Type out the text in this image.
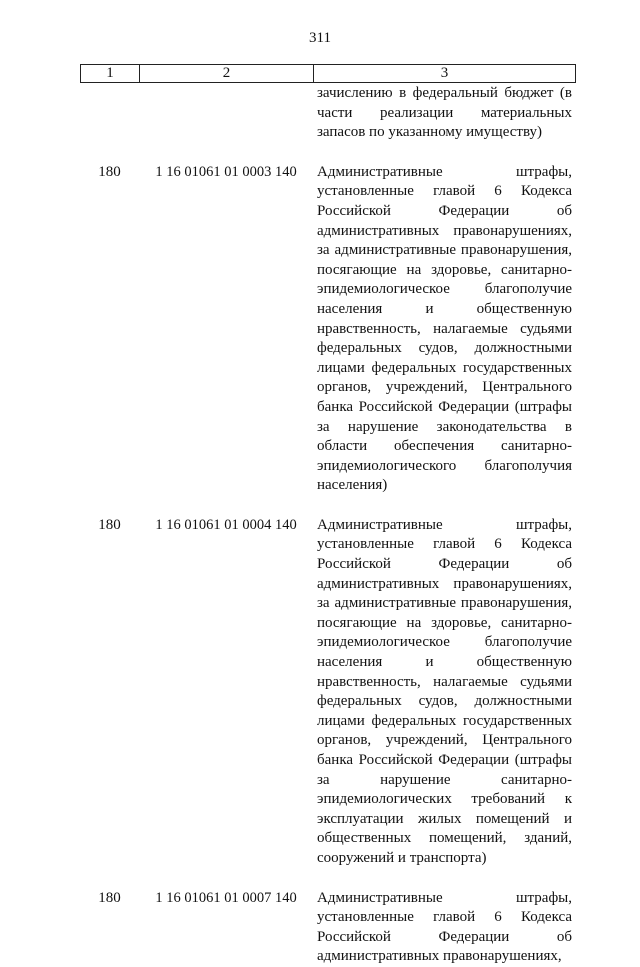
311
1	2	3
зачислению в федеральный бюджет (в части реализации материальных запасов по указанному имуществу)
180	1 16 01061 01 0003 140	Административные штрафы, установленные главой 6 Кодекса Российской Федерации об административных правонарушениях, за административные правонарушения, посягающие на здоровье, санитарно-эпидемиологическое благополучие населения и общественную нравственность, налагаемые судьями федеральных судов, должностными лицами федеральных государственных органов, учреждений, Центрального банка Российской Федерации (штрафы за нарушение законодательства в области обеспечения санитарно-эпидемиологического благополучия населения)
180	1 16 01061 01 0004 140	Административные штрафы, установленные главой 6 Кодекса Российской Федерации об административных правонарушениях, за административные правонарушения, посягающие на здоровье, санитарно-эпидемиологическое благополучие населения и общественную нравственность, налагаемые судьями федеральных судов, должностными лицами федеральных государственных органов, учреждений, Центрального банка Российской Федерации (штрафы за нарушение санитарно-эпидемиологических требований к эксплуатации жилых помещений и общественных помещений, зданий, сооружений и транспорта)
180	1 16 01061 01 0007 140	Административные штрафы, установленные главой 6 Кодекса Российской Федерации об административных правонарушениях,
